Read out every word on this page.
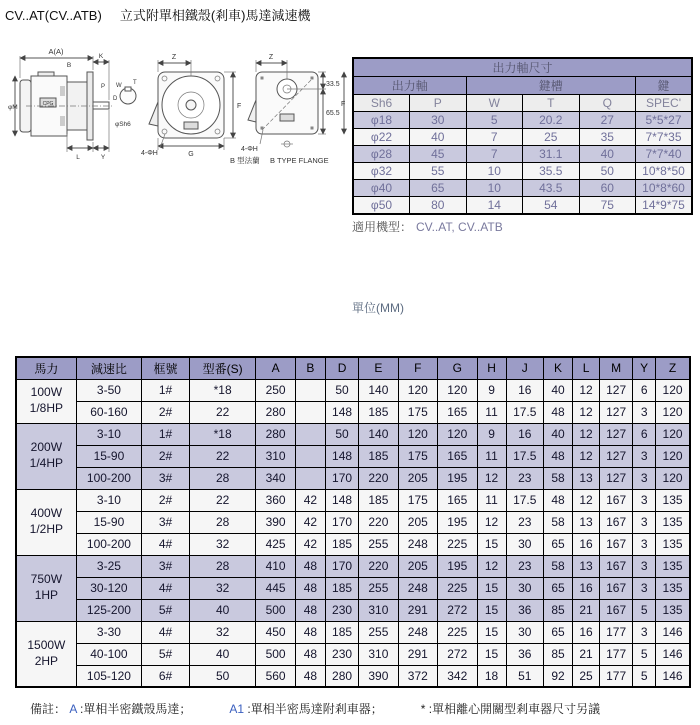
CV..AT(CV..ATB) 立式附單相鐵殼(剎車)馬達減速機
CPG
A(A)
B
K
P
D
φM
W T
φSh6
L	Y
Z
F
G
4-ΦH
Z
33.5
65.5
F
4-ΦH
B 型法蘭 B TYPE FLANGE
出力軸尺寸					
出力軸		鍵槽			鍵
Sh6	P	W	T	Q	SPEC'
φ18	30	5	20.2	27	5*5*27
φ22	40	7	25	35	7*7*35
φ28	45	7	31.1	40	7*7*40
φ32	55	10	35.5	50	10*8*50
φ40	65	10	43.5	60	10*8*60
φ50	80	14	54	75	14*9*75
適用機型： CV..AT, CV..ATB
單位(MM)
馬力	減速比	框號	型番(S)	A	B	D	E	F	G	H	J	K	L	M	Y	Z
100W
1/8HP	3-50	1#	*18	250		50	140	120	120	9	16	40	12	127	6	120
	60-160	2#	22	280		148	185	175	165	11	17.5	48	12	127	3	120
200W
1/4HP	3-10	1#	*18	280		50	140	120	120	9	16	40	12	127	6	120
	15-90	2#	22	310		148	185	175	165	11	17.5	48	12	127	3	120
	100-200	3#	28	340		170	220	205	195	12	23	58	13	127	3	120
400W
1/2HP	3-10	2#	22	360	42	148	185	175	165	11	17.5	48	12	167	3	135
	15-90	3#	28	390	42	170	220	205	195	12	23	58	13	167	3	135
	100-200	4#	32	425	42	185	255	248	225	15	30	65	16	167	3	135
750W
1HP	3-25	3#	28	410	48	170	220	205	195	12	23	58	13	167	3	135
	30-120	4#	32	445	48	185	255	248	225	15	30	65	16	167	3	135
	125-200	5#	40	500	48	230	310	291	272	15	36	85	21	167	5	135
1500W
2HP	3-30	4#	32	450	48	185	255	248	225	15	30	65	16	177	3	146
	40-100	5#	40	500	48	230	310	291	272	15	36	85	21	177	5	146
	105-120	6#	50	560	48	280	390	372	342	18	51	92	25	177	5	146
備註： A :單相半密鐵殼馬達；	A1 :單相半密馬達附剎車器；	* :單相離心開關型剎車器尺寸另議
